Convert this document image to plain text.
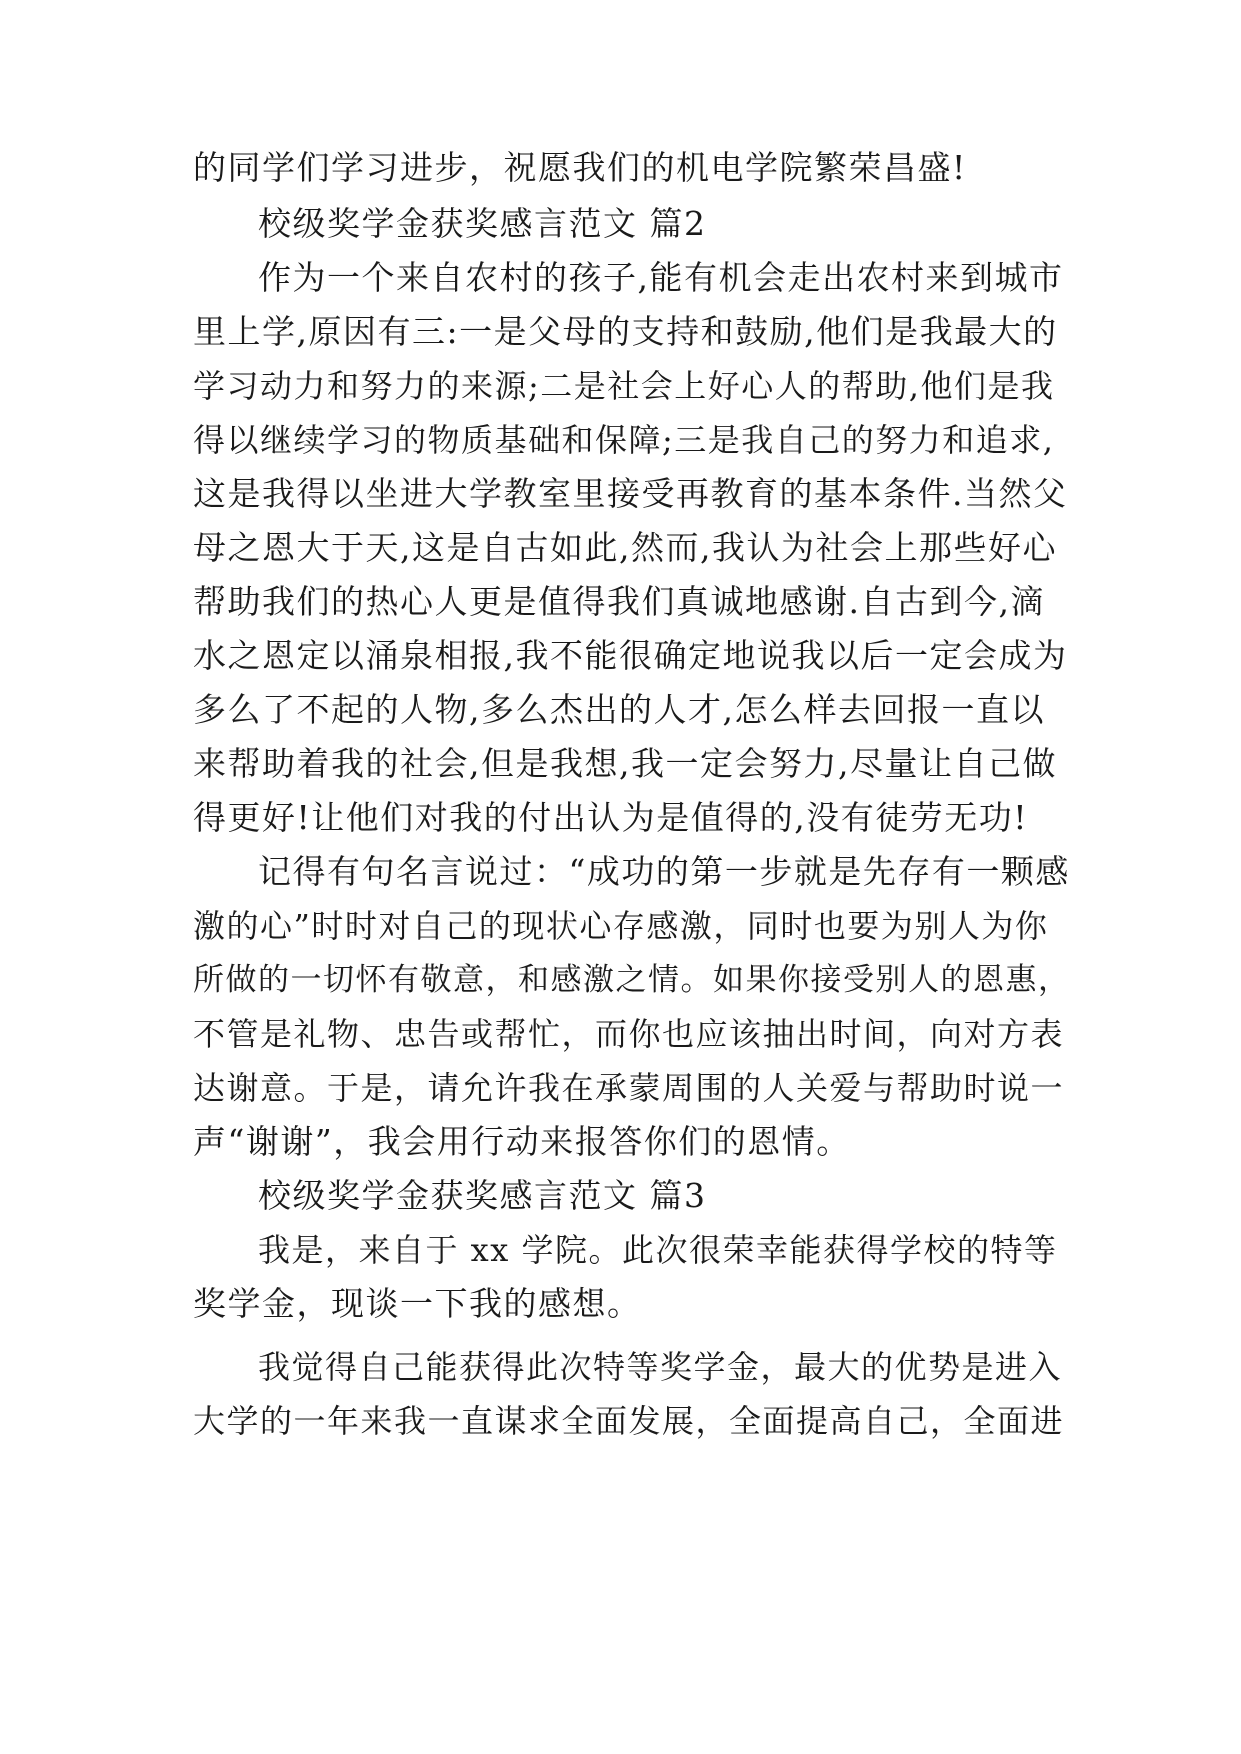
的同学们学习进步，祝愿我们的机电学院繁荣昌盛!
校级奖学金获奖感言范文 篇2
作为一个来自农村的孩子,能有机会走出农村来到城市
里上学,原因有三:一是父母的支持和鼓励,他们是我最大的
学习动力和努力的来源;二是社会上好心人的帮助,他们是我
得以继续学习的物质基础和保障;三是我自己的努力和追求,
这是我得以坐进大学教室里接受再教育的基本条件.当然父
母之恩大于天,这是自古如此,然而,我认为社会上那些好心
帮助我们的热心人更是值得我们真诚地感谢.自古到今,滴
水之恩定以涌泉相报,我不能很确定地说我以后一定会成为
多么了不起的人物,多么杰出的人才,怎么样去回报一直以
来帮助着我的社会,但是我想,我一定会努力,尽量让自己做
得更好!让他们对我的付出认为是值得的,没有徒劳无功!
记得有句名言说过：“成功的第一步就是先存有一颗感
激的心”时时对自己的现状心存感激，同时也要为别人为你
所做的一切怀有敬意，和感激之情。如果你接受别人的恩惠，
不管是礼物、忠告或帮忙，而你也应该抽出时间，向对方表
达谢意。于是，请允许我在承蒙周围的人关爱与帮助时说一
声“谢谢”，我会用行动来报答你们的恩情。
校级奖学金获奖感言范文 篇3
我是，来自于 xx 学院。此次很荣幸能获得学校的特等
奖学金，现谈一下我的感想。
我觉得自己能获得此次特等奖学金，最大的优势是进入
大学的一年来我一直谋求全面发展，全面提高自己，全面进
